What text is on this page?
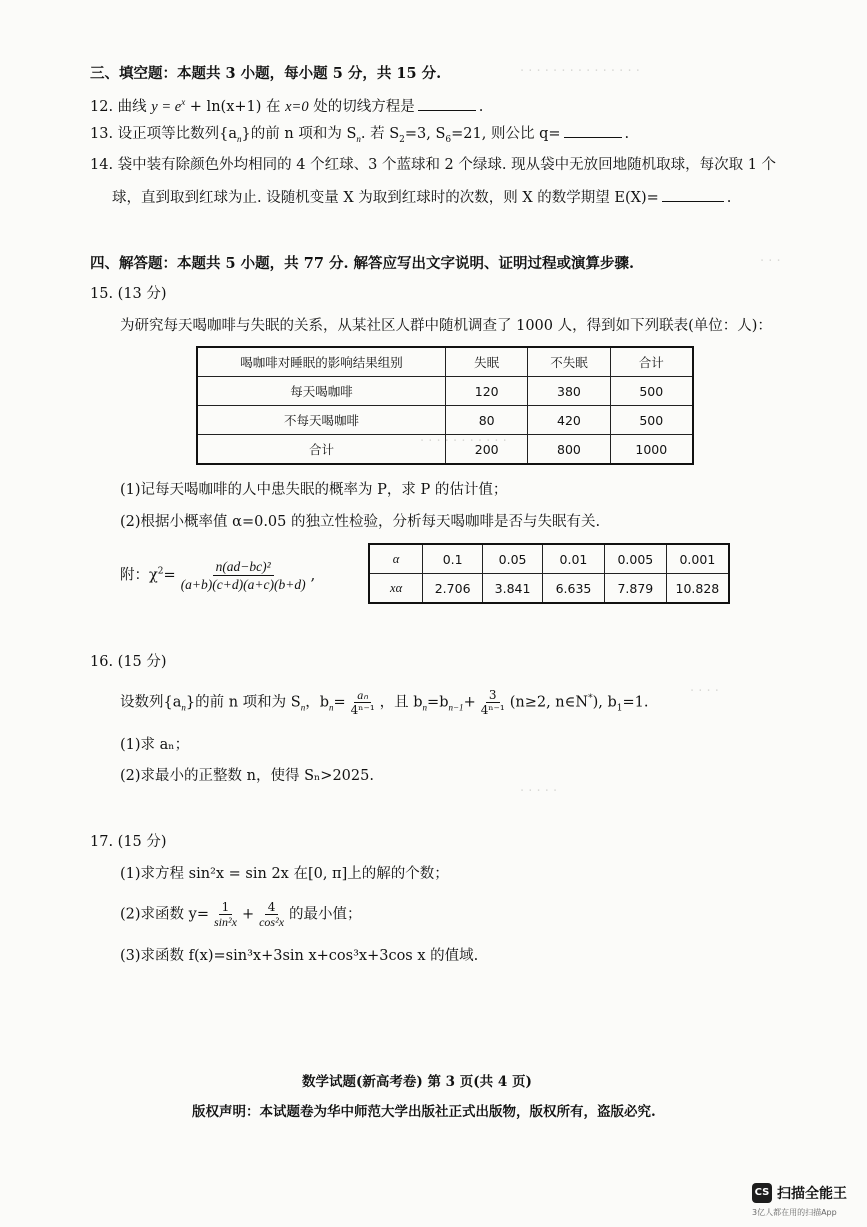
. . . . . . . . . . . . . . .
. . .
. . . . . . . . . . .
. . . .
. . . . .
三、填空题：本题共 3 小题，每小题 5 分，共 15 分.
12. 曲线 $y = e^x + \ln(x+1)$ 在 x=0 处的切线方程是	.
13. 设正项等比数列$\{a_n\}$的前 n 项和为 $S_n$. 若 $S_2=3$, $S_6=21$, 则公比 q=	.
14. 袋中装有除颜色外均相同的 4 个红球、3 个蓝球和 2 个绿球. 现从袋中无放回地随机取球，每次取 1 个
球，直到取到红球为止. 设随机变量 X 为取到红球时的次数，则 X 的数学期望 E(X)=	.
四、解答题：本题共 5 小题，共 77 分. 解答应写出文字说明、证明过程或演算步骤.
15. (13 分)
为研究每天喝咖啡与失眠的关系，从某社区人群中随机调查了 1000 人，得到如下列联表(单位：人)：
喝咖啡对睡眠的影响结果组别	失眠	不失眠	合计
每天喝咖啡	120	380	500
不每天喝咖啡	80	420	500
合计	200	800	1000
(1)记每天喝咖啡的人中患失眠的概率为 P，求 P 的估计值；
(2)根据小概率值 α=0.05 的独立性检验，分析每天喝咖啡是否与失眠有关.
附：$\chi^2= \frac{\text{n(ad−bc)²}}{(a+b)(c+d)(a+c)(b+d)}$ ,
α	0.1	0.05	0.01	0.005	0.001
xα	2.706	3.841	6.635	7.879	10.828
16. (15 分)
设数列$\{a_n\}$的前 n 项和为 $S_n$，$b_n= \frac{\text{aₙ}}{\text{4ⁿ⁻¹}}$ ，且 $b_n=b_{n-1}+ \frac{3}{\text{4ⁿ⁻¹}} (n\ge 2$, n∈N*), $b_1=1$.
(1)求 aₙ；
(2)求最小的正整数 n，使得 Sₙ>2025.
17. (15 分)
(1)求方程 sin²x = sin 2x 在[0, π]上的解的个数；
(2)求函数 $y= \frac{1}{\text{sin²x}} + \frac{4}{\text{cos²x}}$ 的最小值；
(3)求函数 f(x)=sin³x+3sin x+cos³x+3cos x 的值域.
数学试题(新高考卷) 第 3 页(共 4 页)
版权声明：本试题卷为华中师范大学出版社正式出版物，版权所有，盗版必究.
CS 扫描全能王
3亿人都在用的扫描App
